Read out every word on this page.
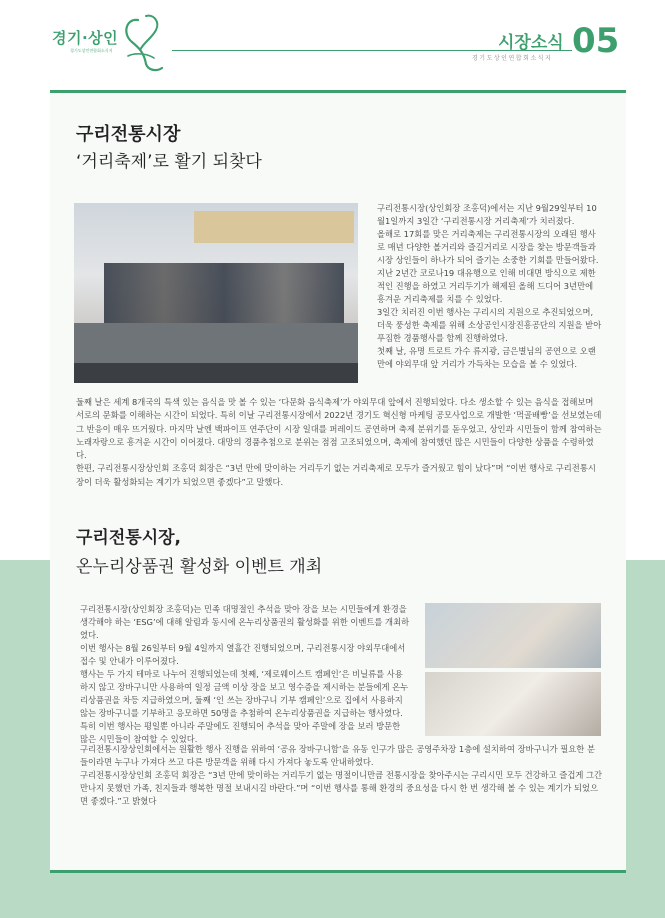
경기·상인
경기도상인연합회소식지	시장소식 05
경기도상인연합회소식지
구리전통시장
‘거리축제’로 활기 되찾다

구리전통시장(상인회장 조홍덕)에서는 지난 9월29일부터 10월1일까지 3일간 ‘구리전통시장 거리축제’가 치러졌다.

올해로 17회를 맞은 거리축제는 구리전통시장의 오래된 행사로 매년 다양한 볼거리와 즐길거리로 시장을 찾는 방문객들과 시장 상인들이 하나가 되어 즐기는 소중한 기회를 만들어왔다.

지난 2년간 코로나19 대유행으로 인해 비대면 방식으로 제한적인 진행을 하였고 거리두기가 해제된 올해 드디어 3년만에 흥겨운 거리축제를 치를 수 있었다.

3일간 치러진 이번 행사는 구리시의 지원으로 추진되었으며, 더욱 풍성한 축제를 위해 소상공인시장진흥공단의 지원을 받아 푸짐한 경품행사를 함께 진행하였다.

첫째 날, 유명 트로트 가수 류지광, 금은별님의 공연으로 오랜만에 야외무대 앞 거리가 가득차는 모습을 볼 수 있었다.

둘째 날은 세계 8개국의 특색 있는 음식을 맛 볼 수 있는 ‘다문화 음식축제’가 야외무대 앞에서 진행되었다. 다소 생소할 수 있는 음식을 접해보며 서로의 문화를 이해하는 시간이 되었다. 특히 이날 구리전통시장에서 2022년 경기도 혁신형 마케팅 공모사업으로 개발한 ‘먹골배빵’을 선보였는데 그 반응이 매우 뜨거웠다. 마지막 날엔 백파이프 연주단이 시장 일대를 퍼레이드 공연하며 축제 분위기를 돋우었고, 상인과 시민들이 함께 참여하는 노래자랑으로 흥겨운 시간이 이어졌다. 대망의 경품추첨으로 분위는 점점 고조되었으며, 축제에 참여했던 많은 시민들이 다양한 상품을 수령하였다.

한편, 구리전통시장상인회 조홍덕 회장은 “3년 만에 맞이하는 거리두기 없는 거리축제로 모두가 즐거웠고 힘이 났다”며 “이번 행사로 구리전통시장이 더욱 활성화되는 계기가 되었으면 좋겠다”고 말했다.

구리전통시장,
온누리상품권 활성화 이벤트 개최

구리전통시장(상인회장 조홍덕)는 민족 대명절인 추석을 맞아 장을 보는 시민들에게 환경을 생각해야 하는 ‘ESG’에 대해 알림과 동시에 온누리상품권의 활성화를 위한 이벤트를 개최하였다.

이번 행사는 8월 26일부터 9월 4일까지 열흘간 진행되었으며, 구리전통시장 야외무대에서 접수 및 안내가 이루어졌다.

행사는 두 가지 테마로 나누어 진행되었는데 첫째, ‘제로웨이스트 캠페인’은 비닐류를 사용하지 않고 장바구니만 사용하여 일정 금액 이상 장을 보고 영수증을 제시하는 분들에게 온누리상품권을 차등 지급하였으며, 둘째 ‘인 쓰는 장바구니 기부 캠페인’으로 집에서 사용하지 않는 장바구니를 기부하고 응모하면 50명을 추첨하여 온누리상품권을 지급하는 행사였다.

특히 이번 행사는 평일뿐 아니라 주말에도 진행되어 추석을 맞아 주말에 장을 보러 방문한 많은 시민들이 참여할 수 있었다.

구리전통시장상인회에서는 원활한 행사 진행을 위하여 ‘공유 장바구니함’을 유동 인구가 많은 공영주차장 1층에 설치하여 장바구니가 필요한 분들이라면 누구나 가져다 쓰고 다른 방문객을 위해 다시 가져다 놓도록 안내하였다.

구리전통시장상인회 조홍덕 회장은 “3년 만에 맞이하는 거리두기 없는 명절이니만큼 전통시장을 찾아주시는 구리시민 모두 건강하고 즐겁게 그간 만나지 못했던 가족, 친지들과 행복한 명절 보내시길 바란다.”며 “이번 행사를 통해 환경의 중요성을 다시 한 번 생각해 볼 수 있는 계기가 되었으면 좋겠다.”고 밝혔다
